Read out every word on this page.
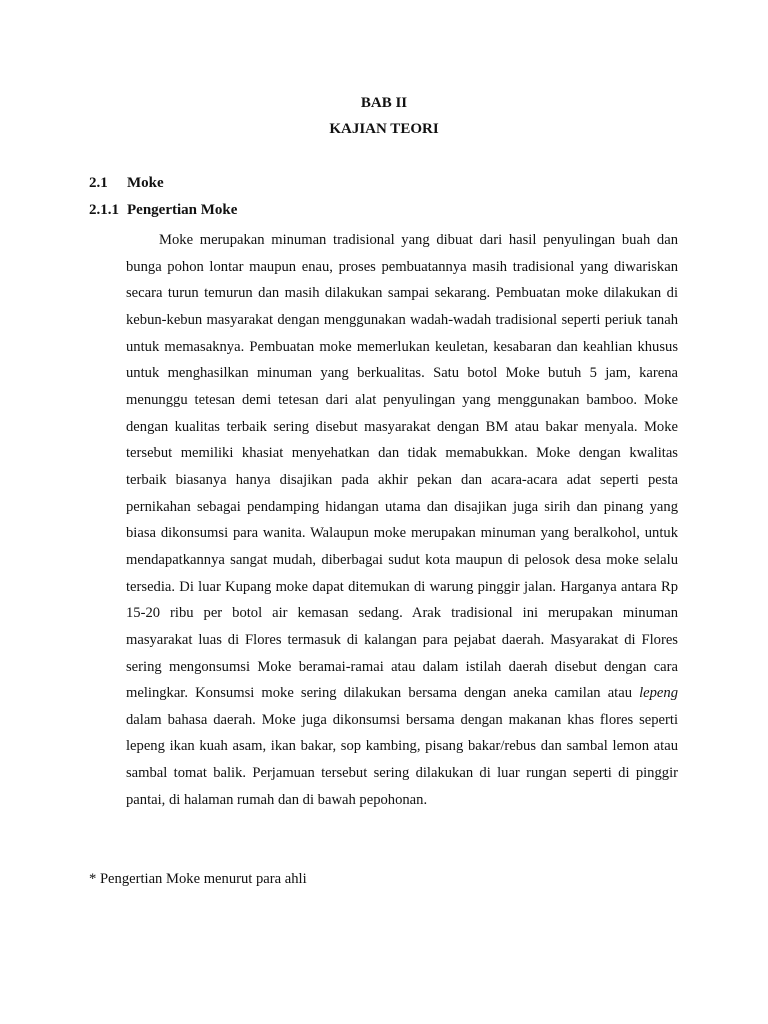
BAB II
KAJIAN TEORI
2.1 Moke
2.1.1 Pengertian Moke

Moke merupakan minuman tradisional yang dibuat dari hasil penyulingan buah dan bunga pohon lontar maupun enau, proses pembuatannya masih tradisional yang diwariskan secara turun temurun dan masih dilakukan sampai sekarang. Pembuatan moke dilakukan di kebun-kebun masyarakat dengan menggunakan wadah-wadah tradisional seperti periuk tanah untuk memasaknya. Pembuatan moke memerlukan keuletan, kesabaran dan keahlian khusus untuk menghasilkan minuman yang berkualitas. Satu botol Moke butuh 5 jam, karena menunggu tetesan demi tetesan dari alat penyulingan yang menggunakan bamboo. Moke dengan kualitas terbaik sering disebut masyarakat dengan BM atau bakar menyala. Moke tersebut memiliki khasiat menyehatkan dan tidak memabukkan. Moke dengan kwalitas terbaik biasanya hanya disajikan pada akhir pekan dan acara-acara adat seperti pesta pernikahan sebagai pendamping hidangan utama dan disajikan juga sirih dan pinang yang biasa dikonsumsi para wanita. Walaupun moke merupakan minuman yang beralkohol, untuk mendapatkannya sangat mudah, diberbagai sudut kota maupun di pelosok desa moke selalu tersedia. Di luar Kupang moke dapat ditemukan di warung pinggir jalan. Harganya antara Rp 15-20 ribu per botol air kemasan sedang. Arak tradisional ini merupakan minuman masyarakat luas di Flores termasuk di kalangan para pejabat daerah. Masyarakat di Flores sering mengonsumsi Moke beramai-ramai atau dalam istilah daerah disebut dengan cara melingkar. Konsumsi moke sering dilakukan bersama dengan aneka camilan atau lepeng dalam bahasa daerah. Moke juga dikonsumsi bersama dengan makanan khas flores seperti lepeng ikan kuah asam, ikan bakar, sop kambing, pisang bakar/rebus dan sambal lemon atau sambal tomat balik. Perjamuan tersebut sering dilakukan di luar rungan seperti di pinggir pantai, di halaman rumah dan di bawah pepohonan.

* Pengertian Moke menurut para ahli
